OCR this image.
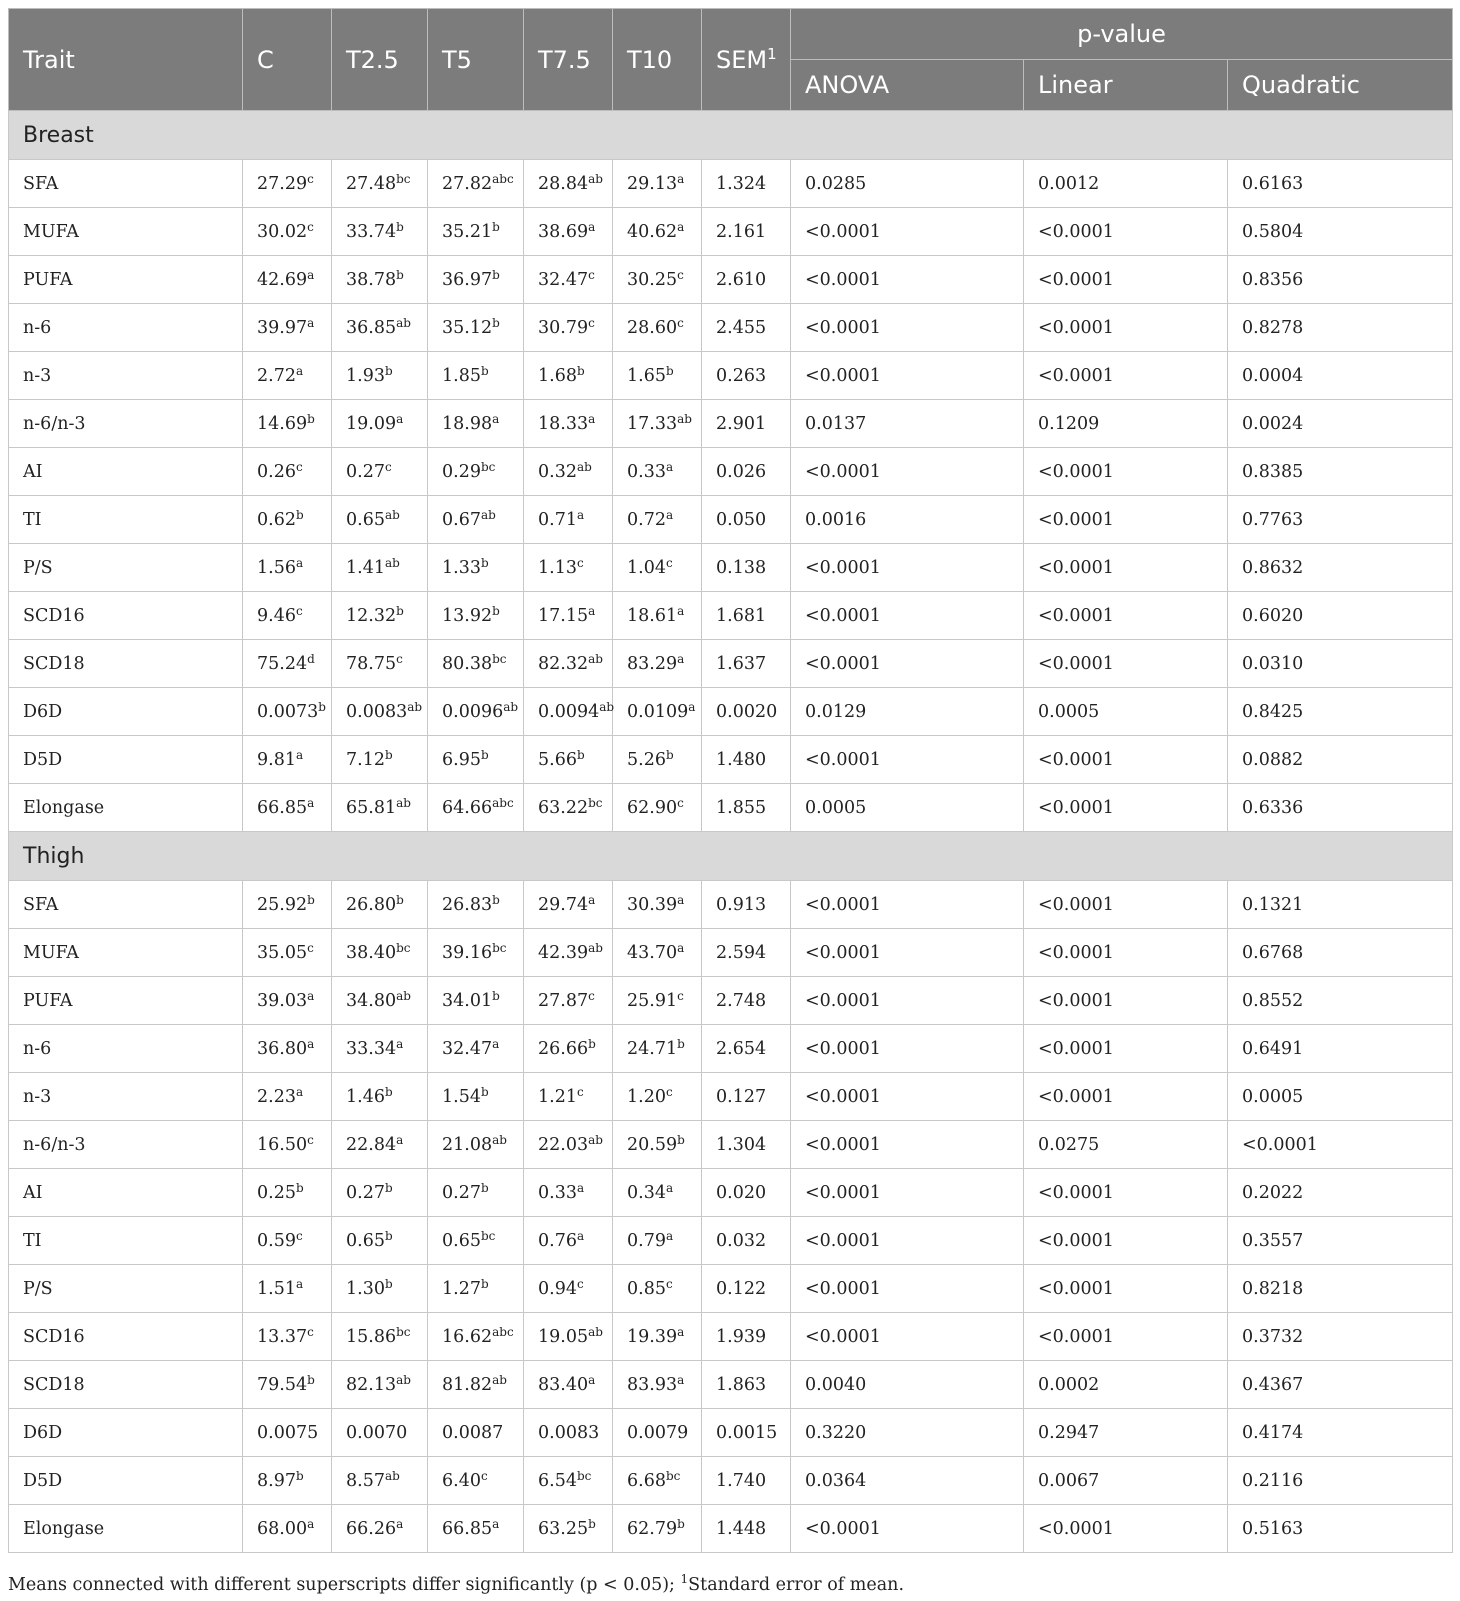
Trait	C	T2.5	T5	T7.5	T10	SEM$^1$	p-value		
							ANOVA	Linear	Quadratic
Breast									
SFA	27.29$^c$	27.48$^{bc}$	27.82$^{abc}$	28.84$^{ab}$	29.13$^a$	1.324	0.0285	0.0012	0.6163
MUFA	30.02$^c$	33.74$^b$	35.21$^b$	38.69$^a$	40.62$^a$	2.161	<0.0001	<0.0001	0.5804
PUFA	42.69$^a$	38.78$^b$	36.97$^b$	32.47$^c$	30.25$^c$	2.610	<0.0001	<0.0001	0.8356
n-6	39.97$^a$	36.85$^{ab}$	35.12$^b$	30.79$^c$	28.60$^c$	2.455	<0.0001	<0.0001	0.8278
n-3	2.72$^a$	1.93$^b$	1.85$^b$	1.68$^b$	1.65$^b$	0.263	<0.0001	<0.0001	0.0004
n-6/n-3	14.69$^b$	19.09$^a$	18.98$^a$	18.33$^a$	17.33$^{ab}$	2.901	0.0137	0.1209	0.0024
AI	0.26$^c$	0.27$^c$	0.29$^{bc}$	0.32$^{ab}$	0.33$^a$	0.026	<0.0001	<0.0001	0.8385
TI	0.62$^b$	0.65$^{ab}$	0.67$^{ab}$	0.71$^a$	0.72$^a$	0.050	0.0016	<0.0001	0.7763
P/S	1.56$^a$	1.41$^{ab}$	1.33$^b$	1.13$^c$	1.04$^c$	0.138	<0.0001	<0.0001	0.8632
SCD16	9.46$^c$	12.32$^b$	13.92$^b$	17.15$^a$	18.61$^a$	1.681	<0.0001	<0.0001	0.6020
SCD18	75.24$^d$	78.75$^c$	80.38$^{bc}$	82.32$^{ab}$	83.29$^a$	1.637	<0.0001	<0.0001	0.0310
D6D	0.0073$^b$	0.0083$^{ab}$	0.0096$^{ab}$	0.0094$^{ab}$	0.0109$^a$	0.0020	0.0129	0.0005	0.8425
D5D	9.81$^a$	7.12$^b$	6.95$^b$	5.66$^b$	5.26$^b$	1.480	<0.0001	<0.0001	0.0882
Elongase	66.85$^a$	65.81$^{ab}$	64.66$^{abc}$	63.22$^{bc}$	62.90$^c$	1.855	0.0005	<0.0001	0.6336
Thigh									
SFA	25.92$^b$	26.80$^b$	26.83$^b$	29.74$^a$	30.39$^a$	0.913	<0.0001	<0.0001	0.1321
MUFA	35.05$^c$	38.40$^{bc}$	39.16$^{bc}$	42.39$^{ab}$	43.70$^a$	2.594	<0.0001	<0.0001	0.6768
PUFA	39.03$^a$	34.80$^{ab}$	34.01$^b$	27.87$^c$	25.91$^c$	2.748	<0.0001	<0.0001	0.8552
n-6	36.80$^a$	33.34$^a$	32.47$^a$	26.66$^b$	24.71$^b$	2.654	<0.0001	<0.0001	0.6491
n-3	2.23$^a$	1.46$^b$	1.54$^b$	1.21$^c$	1.20$^c$	0.127	<0.0001	<0.0001	0.0005
n-6/n-3	16.50$^c$	22.84$^a$	21.08$^{ab}$	22.03$^{ab}$	20.59$^b$	1.304	<0.0001	0.0275	<0.0001
AI	0.25$^b$	0.27$^b$	0.27$^b$	0.33$^a$	0.34$^a$	0.020	<0.0001	<0.0001	0.2022
TI	0.59$^c$	0.65$^b$	0.65$^{bc}$	0.76$^a$	0.79$^a$	0.032	<0.0001	<0.0001	0.3557
P/S	1.51$^a$	1.30$^b$	1.27$^b$	0.94$^c$	0.85$^c$	0.122	<0.0001	<0.0001	0.8218
SCD16	13.37$^c$	15.86$^{bc}$	16.62$^{abc}$	19.05$^{ab}$	19.39$^a$	1.939	<0.0001	<0.0001	0.3732
SCD18	79.54$^b$	82.13$^{ab}$	81.82$^{ab}$	83.40$^a$	83.93$^a$	1.863	0.0040	0.0002	0.4367
D6D	0.0075	0.0070	0.0087	0.0083	0.0079	0.0015	0.3220	0.2947	0.4174
D5D	8.97$^b$	8.57$^{ab}$	6.40$^c$	6.54$^{bc}$	6.68$^{bc}$	1.740	0.0364	0.0067	0.2116
Elongase	68.00$^a$	66.26$^a$	66.85$^a$	63.25$^b$	62.79$^b$	1.448	<0.0001	<0.0001	0.5163
Means connected with different superscripts differ significantly (p < 0.05); $^1$Standard error of mean.
